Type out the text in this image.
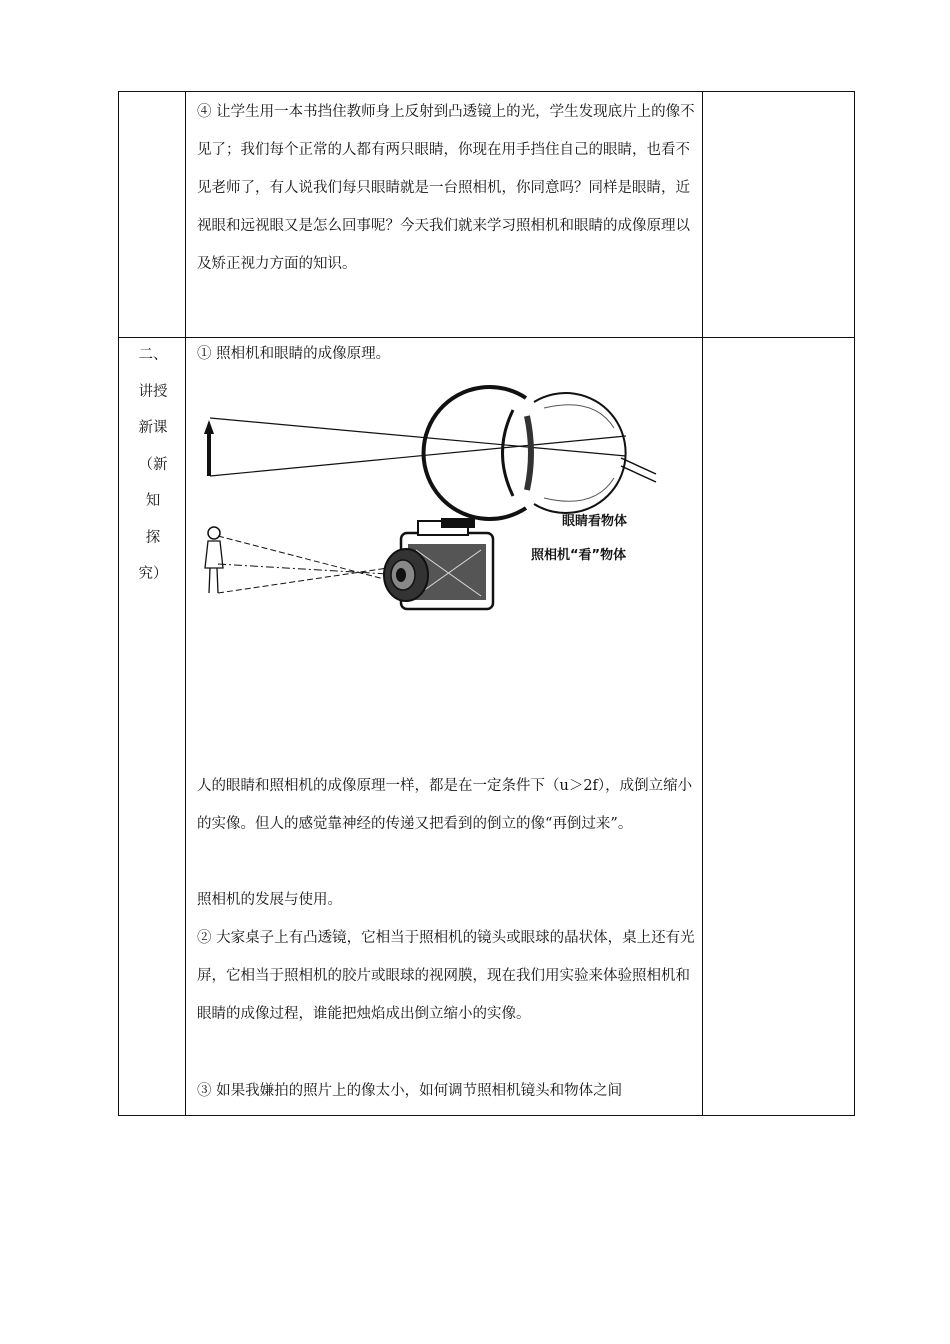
④ 让学生用一本书挡住教师身上反射到凸透镜上的光，学生发现底片上的像不见了；我们每个正常的人都有两只眼睛，你现在用手挡住自己的眼睛，也看不见老师了，有人说我们每只眼睛就是一台照相机，你同意吗？同样是眼睛，近视眼和远视眼又是怎么回事呢？今天我们就来学习照相机和眼睛的成像原理以及矫正视力方面的知识。

二、
讲授
新课
（新
知
探
究）

① 照相机和眼睛的成像原理。

眼睛看物体
照相机“看”物体

人的眼睛和照相机的成像原理一样，都是在一定条件下（u＞2f），成倒立缩小的实像。但人的感觉靠神经的传递又把看到的倒立的像“再倒过来”。

照相机的发展与使用。

② 大家桌子上有凸透镜，它相当于照相机的镜头或眼球的晶状体，桌上还有光屏，它相当于照相机的胶片或眼球的视网膜，现在我们用实验来体验照相机和眼睛的成像过程，谁能把烛焰成出倒立缩小的实像。

③ 如果我嫌拍的照片上的像太小，如何调节照相机镜头和物体之间
